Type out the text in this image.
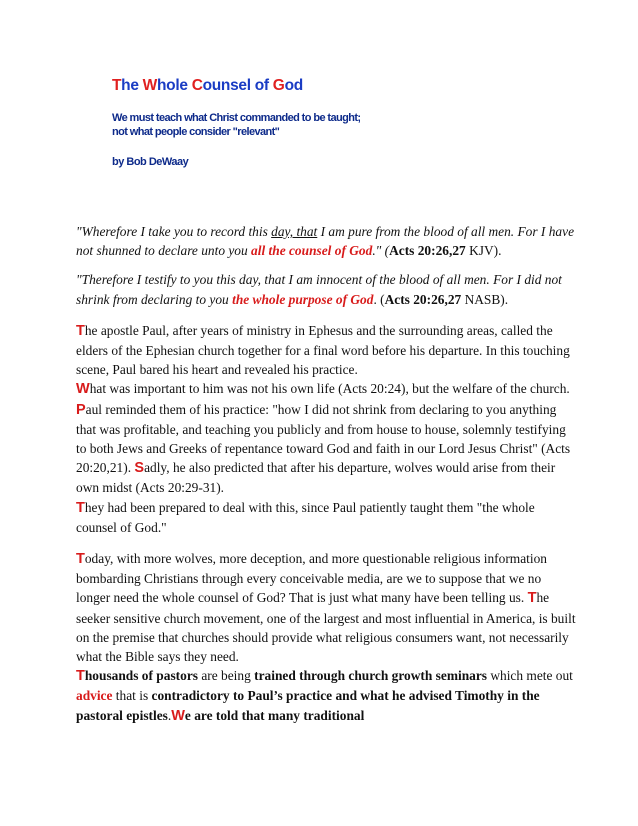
The Whole Counsel of God

We must teach what Christ commanded to be taught;
not what people consider "relevant"

by Bob DeWaay

"Wherefore I take you to record this day, that I am pure from the blood of all men. For I have not shunned to declare unto you all the counsel of God." (Acts 20:26,27 KJV).

"Therefore I testify to you this day, that I am innocent of the blood of all men. For I did not shrink from declaring to you the whole purpose of God. (Acts 20:26,27 NASB).

The apostle Paul, after years of ministry in Ephesus and the surrounding areas, called the elders of the Ephesian church together for a final word before his departure. In this touching scene, Paul bared his heart and revealed his practice.
What was important to him was not his own life (Acts 20:24), but the welfare of the church. Paul reminded them of his practice: "how I did not shrink from declaring to you anything that was profitable, and teaching you publicly and from house to house, solemnly testifying to both Jews and Greeks of repentance toward God and faith in our Lord Jesus Christ" (Acts 20:20,21). Sadly, he also predicted that after his departure, wolves would arise from their own midst (Acts 20:29-31).
They had been prepared to deal with this, since Paul patiently taught them "the whole counsel of God."

Today, with more wolves, more deception, and more questionable religious information bombarding Christians through every conceivable media, are we to suppose that we no longer need the whole counsel of God? That is just what many have been telling us. The seeker sensitive church movement, one of the largest and most influential in America, is built on the premise that churches should provide what religious consumers want, not necessarily what the Bible says they need.
Thousands of pastors are being trained through church growth seminars which mete out advice that is contradictory to Paul’s practice and what he advised Timothy in the pastoral epistles.We are told that many traditional
